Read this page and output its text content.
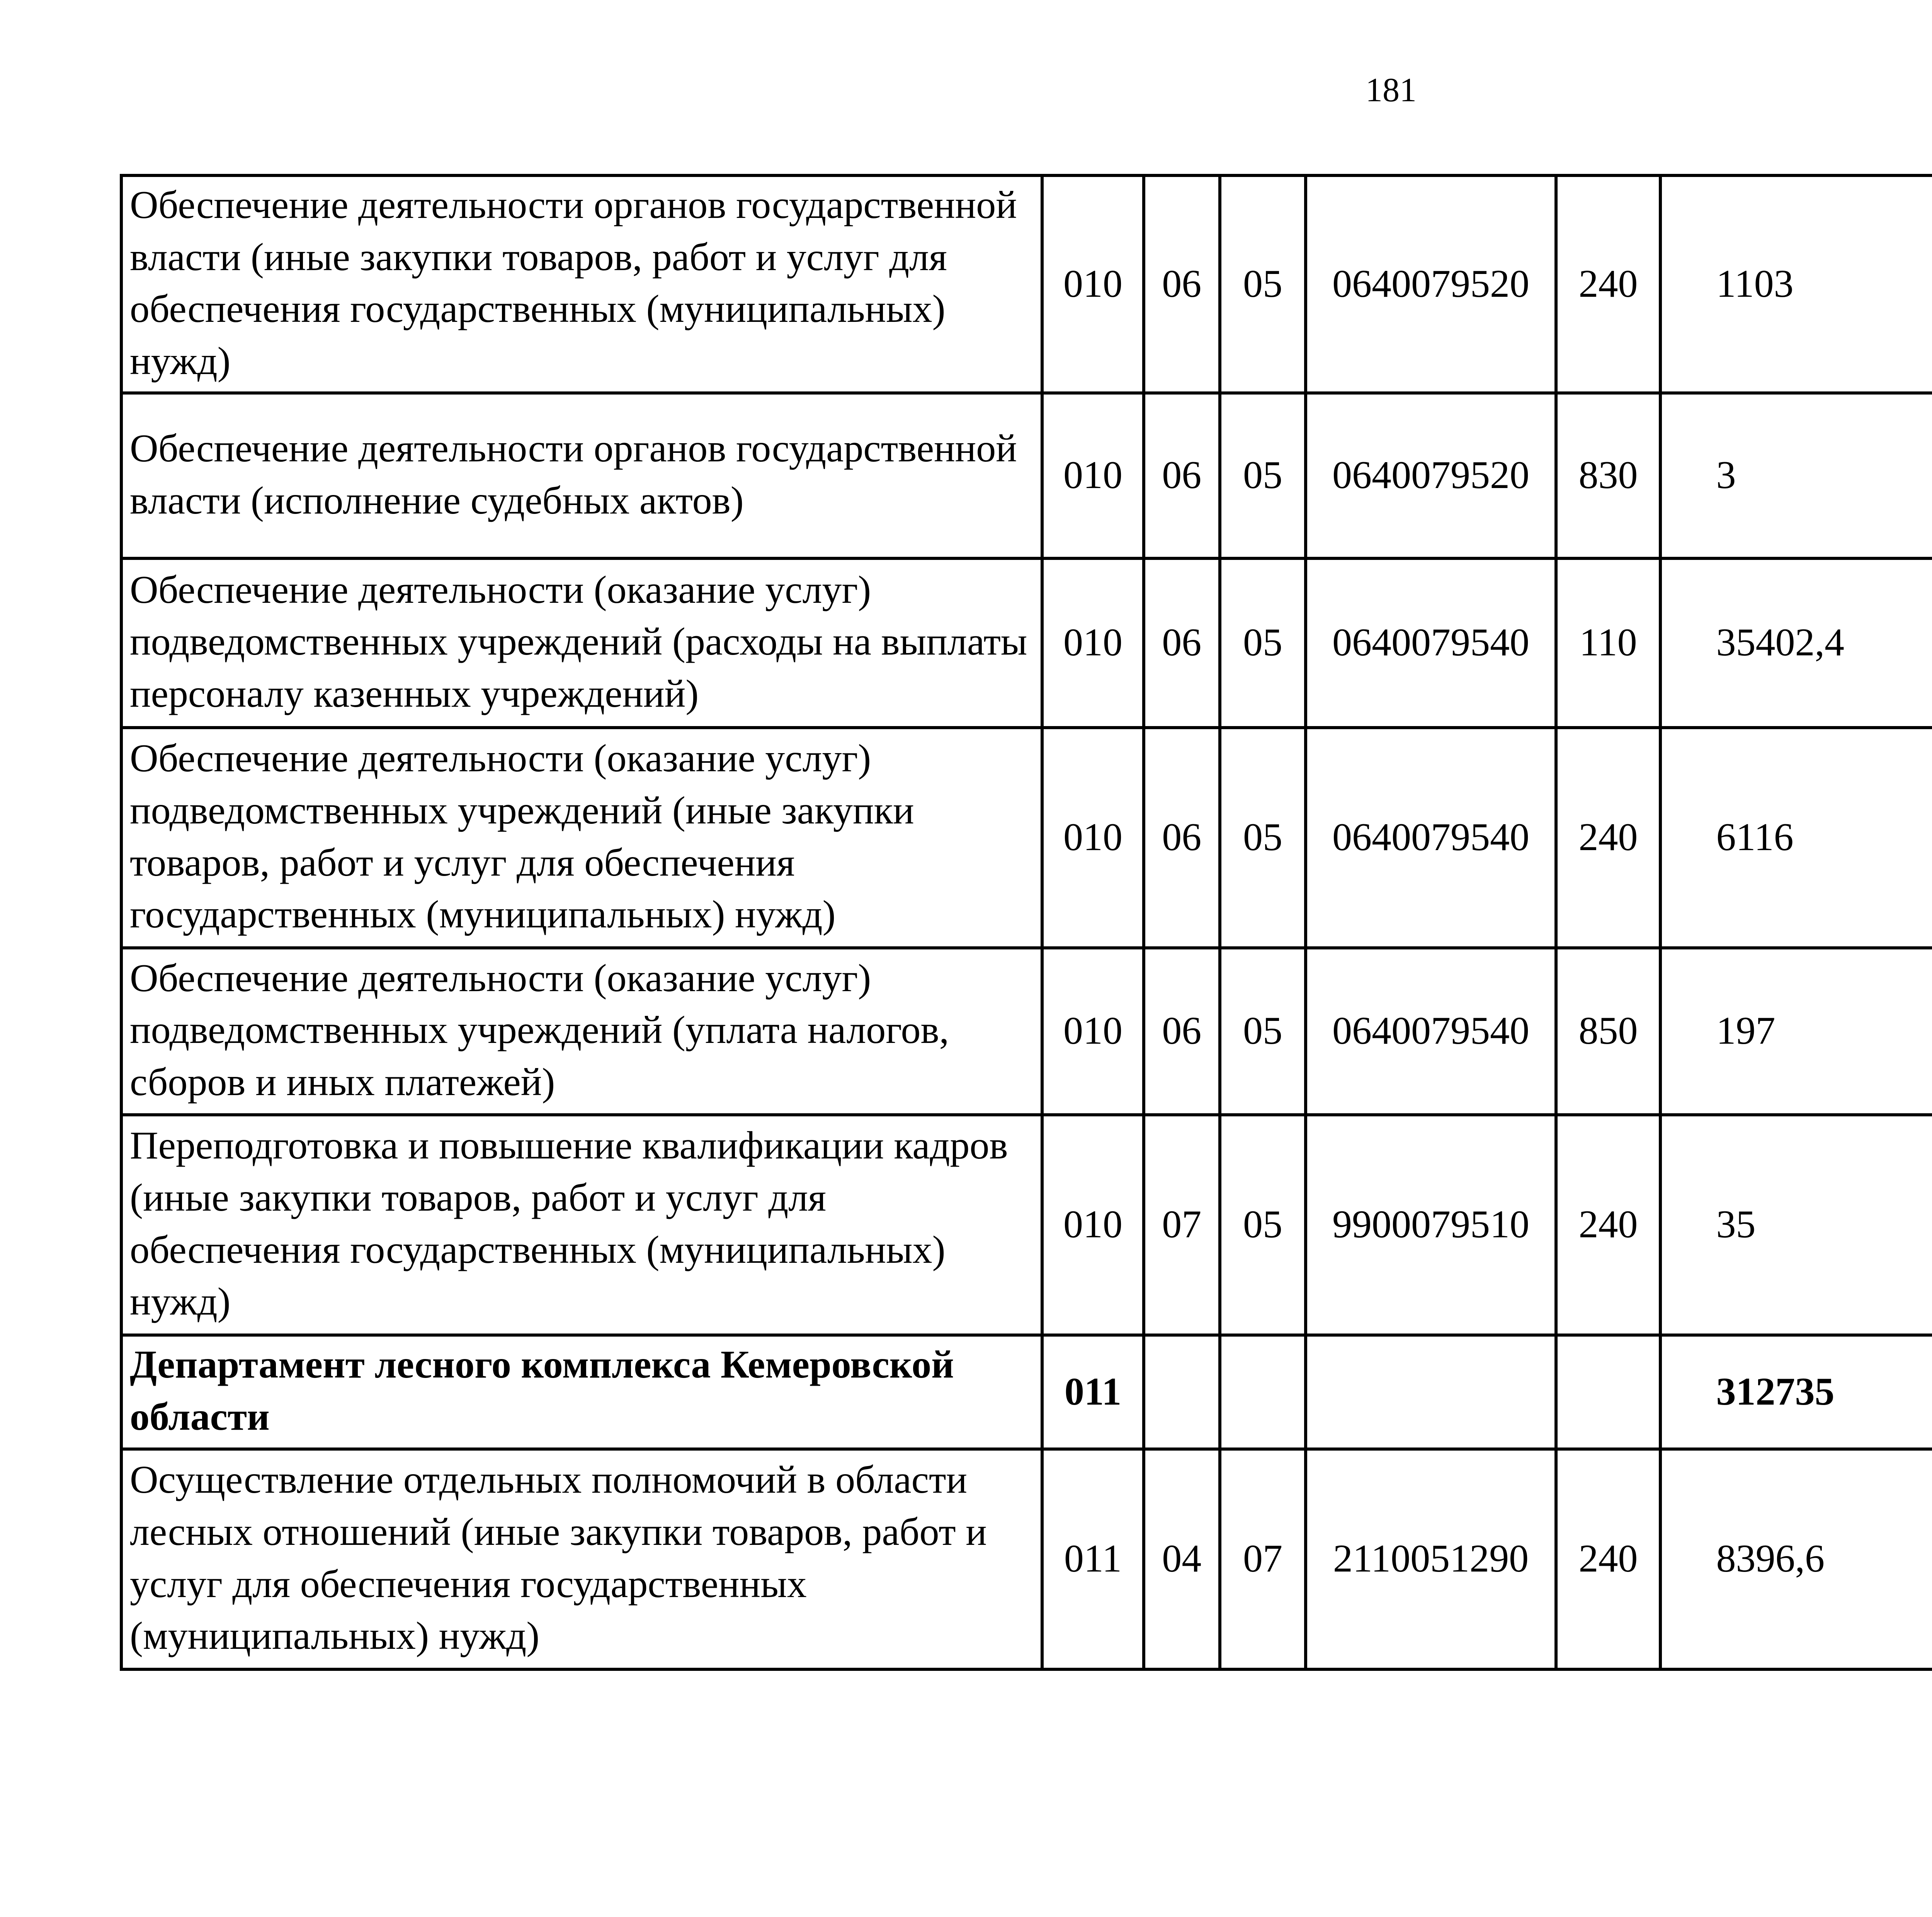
181
Обеспечение деятельности органов государственной власти (иные закупки товаров, работ и услуг для обеспечения государственных (муниципальных) нужд)	010	06	05	0640079520	240	1103		
Обеспечение деятельности органов государственной власти (исполнение судебных актов)	010	06	05	0640079520	830	3		
Обеспечение деятельности (оказание услуг) подведомственных учреждений (расходы на выплаты персоналу казенных учреждений)	010	06	05	0640079540	110	35402,4		
Обеспечение деятельности (оказание услуг) подведомственных учреждений (иные закупки товаров, работ и услуг для обеспечения государственных (муниципальных) нужд)	010	06	05	0640079540	240	6116		
Обеспечение деятельности (оказание услуг) подведомственных учреждений (уплата налогов, сборов и иных платежей)	010	06	05	0640079540	850	197		
Переподготовка и повышение квалификации кадров (иные закупки товаров, работ и услуг для обеспечения государственных (муниципальных) нужд)	010	07	05	9900079510	240	35		
Департамент лесного комплекса Кемеровской области	011					312735		
Осуществление отдельных полномочий в области лесных отношений (иные закупки товаров, работ и услуг для обеспечения государственных (муниципальных) нужд)	011	04	07	2110051290	240	8396,6		
